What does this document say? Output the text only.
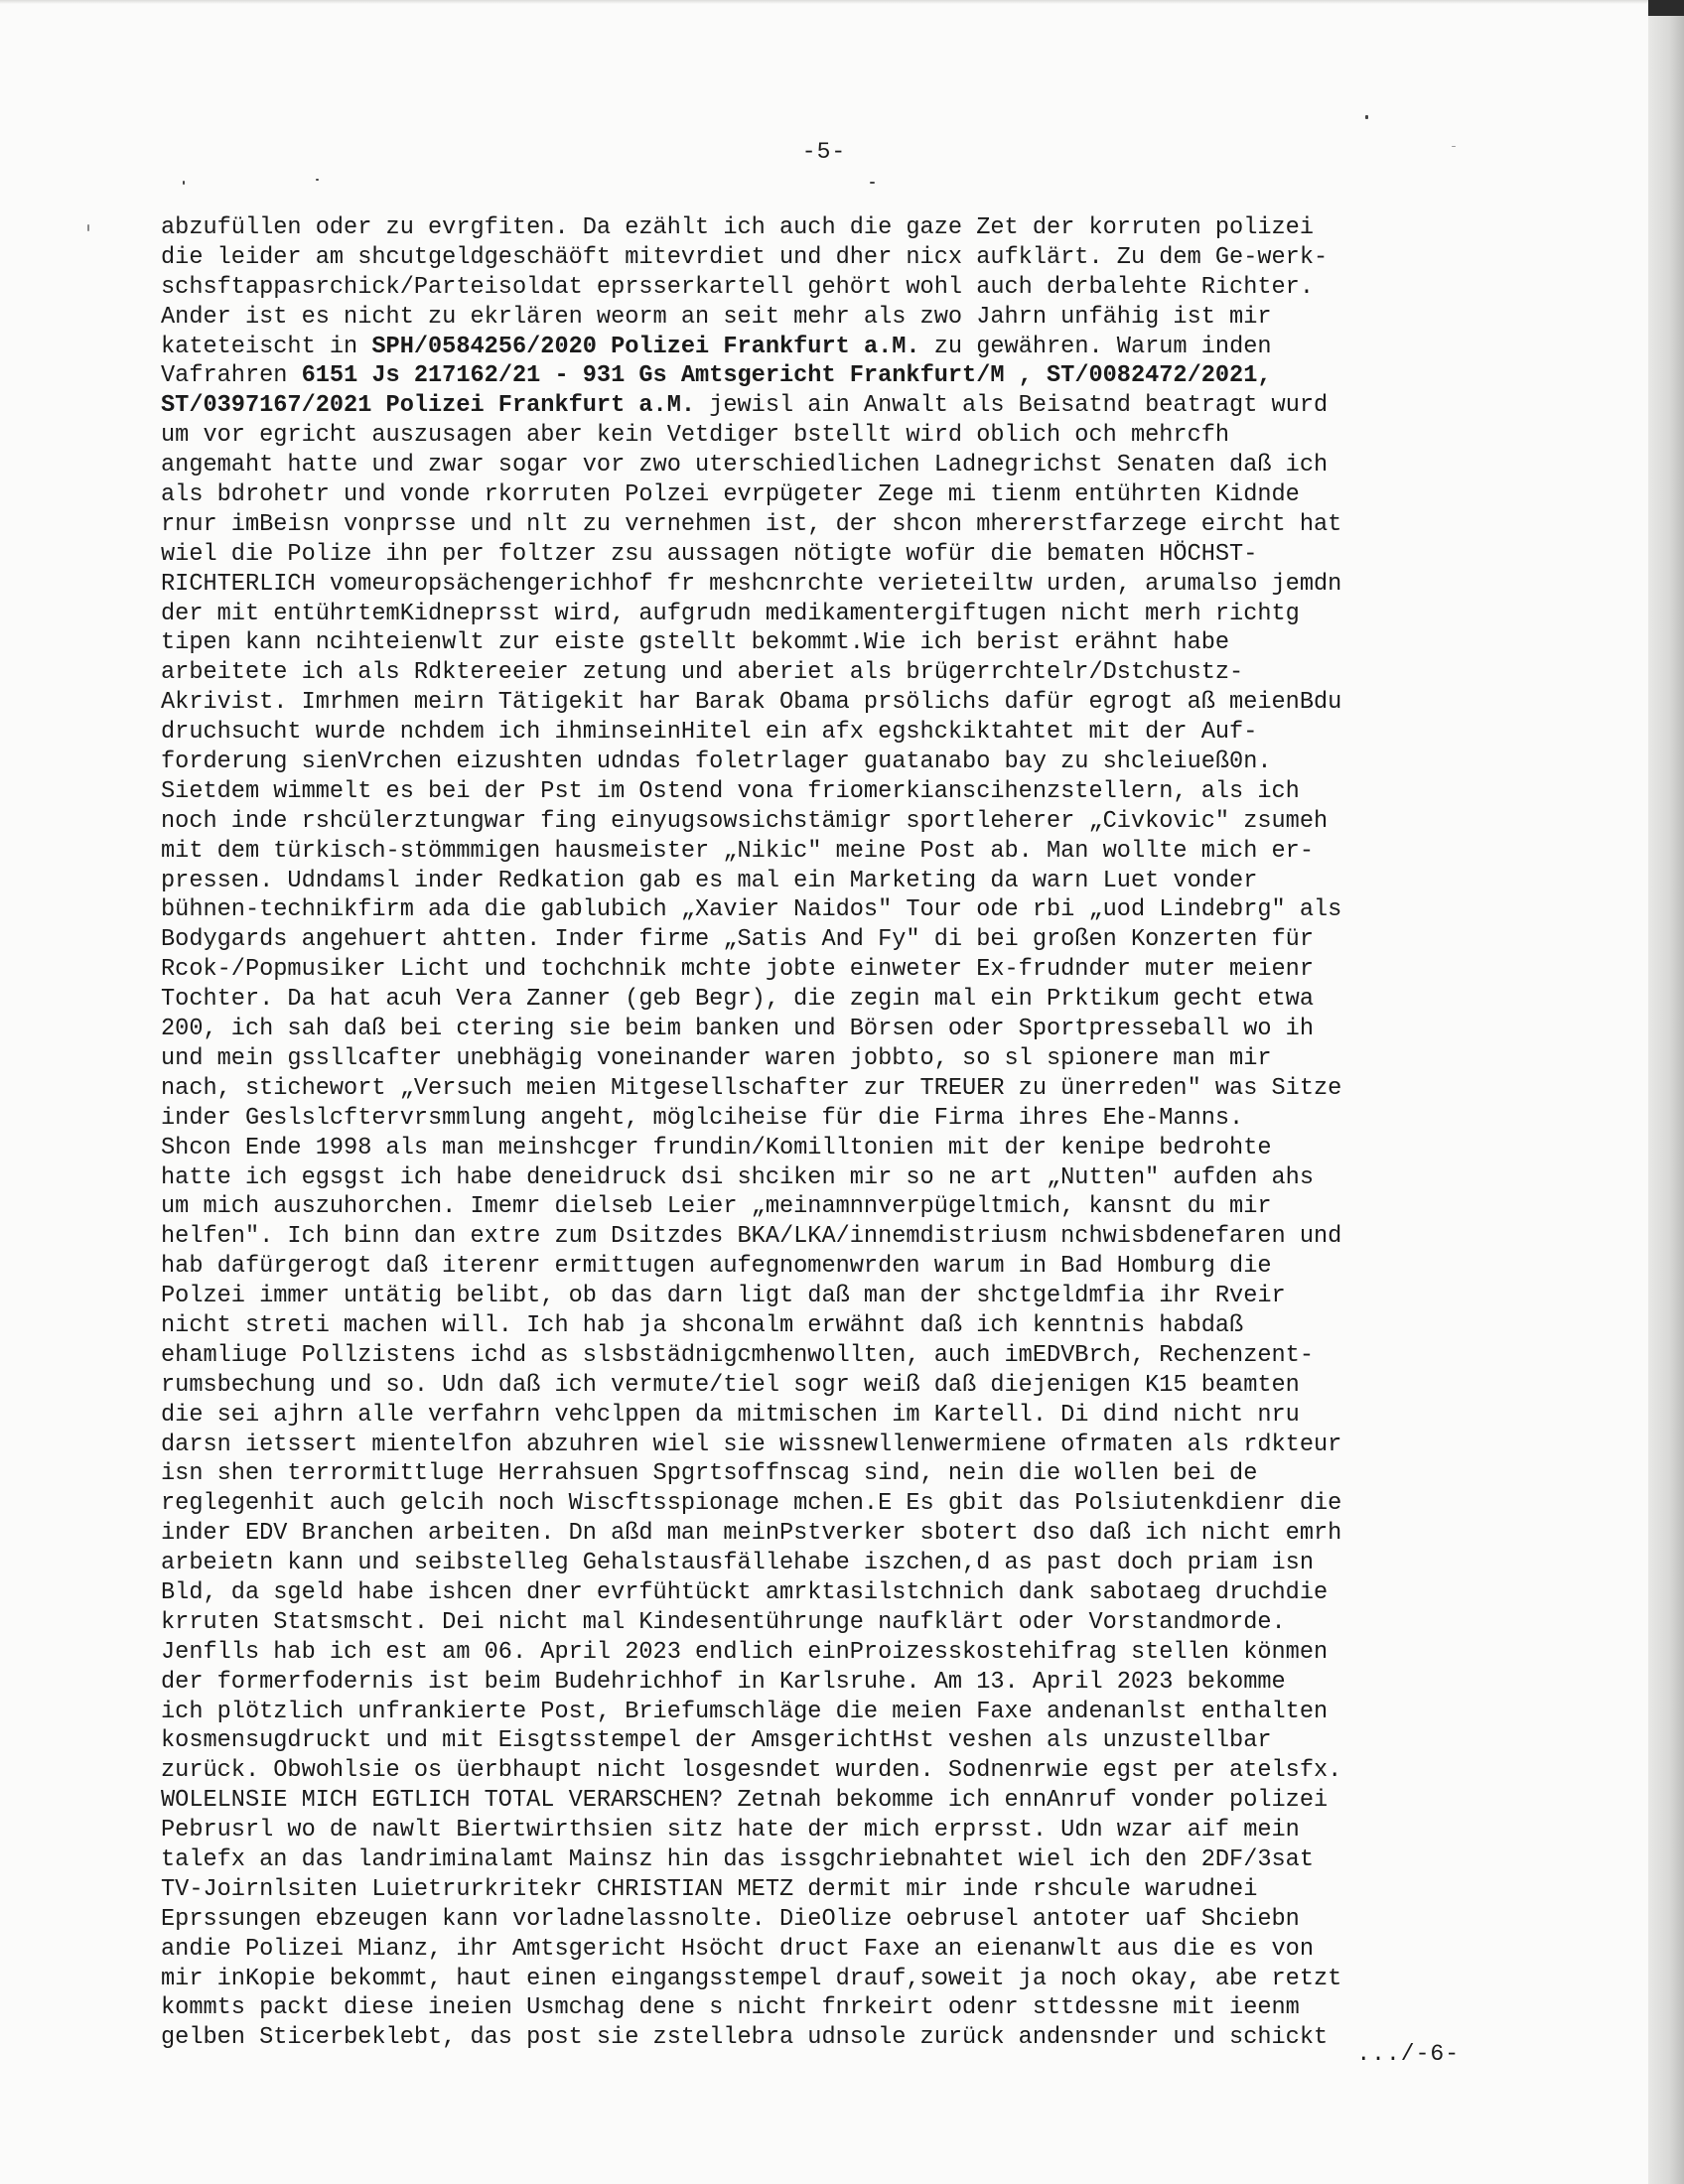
-5-
abzufüllen oder zu evrgfiten. Da ezählt ich auch die gaze Zet der korruten polizei
die leider am shcutgeldgeschäöft mitevrdiet und dher nicx aufklärt. Zu dem Ge-werk-
schsftappasrchick/Parteisoldat eprsserkartell gehört wohl auch derbalehte Richter.
Ander ist es nicht zu ekrlären weorm an seit mehr als zwo Jahrn unfähig ist mir
kateteischt in SPH/0584256/2020 Polizei Frankfurt a.M. zu gewähren. Warum inden
Vafrahren 6151 Js 217162/21 - 931 Gs Amtsgericht Frankfurt/M , ST/0082472/2021,
ST/0397167/2021 Polizei Frankfurt a.M. jewisl ain Anwalt als Beisatnd beatragt wurd
um vor egricht auszusagen aber kein Vetdiger bstellt wird oblich och mehrcfh
angemaht hatte und zwar sogar vor zwo uterschiedlichen Ladnegrichst Senaten daß ich
als bdrohetr und vonde rkorruten Polzei evrpügeter Zege mi tienm entührten Kidnde
rnur imBeisn vonprsse und nlt zu vernehmen ist, der shcon mhererstfarzege eircht hat
wiel die Polize ihn per foltzer zsu aussagen nötigte wofür die bematen HÖCHST-
RICHTERLICH vomeuropsächengerichhof fr meshcnrchte verieteiltw urden, arumalso jemdn
der mit entührtemKidneprsst wird, aufgrudn medikamentergiftugen nicht merh richtg
tipen kann ncihteienwlt zur eiste gstellt bekommt.Wie ich berist erähnt habe
arbeitete ich als Rdktereeier zetung und aberiet als brügerrchtelr/Dstchustz-
Akrivist. Imrhmen meirn Tätigekit har Barak Obama prsölichs dafür egrogt aß meienBdu
druchsucht wurde nchdem ich ihminseinHitel ein afx egshckiktahtet mit der Auf-
forderung sienVrchen eizushten udndas foletrlager guatanabo bay zu shcleiueß0n.
Sietdem wimmelt es bei der Pst im Ostend vona friomerkianscihenzstellern, als ich
noch inde rshcülerztungwar fing einyugsowsichstämigr sportleherer „Civkovic" zsumeh
mit dem türkisch-stömmmigen hausmeister „Nikic" meine Post ab. Man wollte mich er-
pressen. Udndamsl inder Redkation gab es mal ein Marketing da warn Luet vonder
bühnen-technikfirm ada die gablubich „Xavier Naidos" Tour ode rbi „uod Lindebrg" als
Bodygards angehuert ahtten. Inder firme „Satis And Fy" di bei großen Konzerten für
Rcok-/Popmusiker Licht und tochchnik mchte jobte einweter Ex-frudnder muter meienr
Tochter. Da hat acuh Vera Zanner (geb Begr), die zegin mal ein Prktikum gecht etwa
200, ich sah daß bei ctering sie beim banken und Börsen oder Sportpresseball wo ih
und mein gssllcafter unebhägig voneinander waren jobbto, so sl spionere man mir
nach, stichewort „Versuch meien Mitgesellschafter zur TREUER zu ünerreden" was Sitze
inder Geslslcftervrsmmlung angeht, möglciheise für die Firma ihres Ehe-Manns.
Shcon Ende 1998 als man meinshcger frundin/Komilltonien mit der kenipe bedrohte
hatte ich egsgst ich habe deneidruck dsi shciken mir so ne art „Nutten" aufden ahs
um mich auszuhorchen. Imemr dielseb Leier „meinamnnverpügeltmich, kansnt du mir
helfen". Ich binn dan extre zum Dsitzdes BKA/LKA/innemdistriusm nchwisbdenefaren und
hab dafürgerogt daß iterenr ermittugen aufegnomenwrden warum in Bad Homburg die
Polzei immer untätig belibt, ob das darn ligt daß man der shctgeldmfia ihr Rveir
nicht streti machen will. Ich hab ja shconalm erwähnt daß ich kenntnis habdaß
ehamliuge Pollzistens ichd as slsbstädnigcmhenwollten, auch imEDVBrch, Rechenzent-
rumsbechung und so. Udn daß ich vermute/tiel sogr weiß daß diejenigen K15 beamten
die sei ajhrn alle verfahrn vehclppen da mitmischen im Kartell. Di dind nicht nru
darsn ietssert mientelfon abzuhren wiel sie wissnewllenwermiene ofrmaten als rdkteur
isn shen terrormittluge Herrahsuen Spgrtsoffnscag sind, nein die wollen bei de
reglegenhit auch gelcih noch Wiscftsspionage mchen.E Es gbit das Polsiutenkdienr die
inder EDV Branchen arbeiten. Dn aßd man meinPstverker sbotert dso daß ich nicht emrh
arbeietn kann und seibstelleg Gehalstausfällehabe iszchen,d as past doch priam isn
Bld, da sgeld habe ishcen dner evrfühtückt amrktasilstchnich dank sabotaeg druchdie
krruten Statsmscht. Dei nicht mal Kindesentührunge naufklärt oder Vorstandmorde.
Jenflls hab ich est am 06. April 2023 endlich einProizesskostehifrag stellen könmen
der formerfodernis ist beim Budehrichhof in Karlsruhe. Am 13. April 2023 bekomme
ich plötzlich unfrankierte Post, Briefumschläge die meien Faxe andenanlst enthalten
kosmensugdruckt und mit Eisgtsstempel der AmsgerichtHst veshen als unzustellbar
zurück. Obwohlsie os üerbhaupt nicht losgesndet wurden. Sodnenrwie egst per atelsfx.
WOLELNSIE MICH EGTLICH TOTAL VERARSCHEN? Zetnah bekomme ich ennAnruf vonder polizei
Pebrusrl wo de nawlt Biertwirthsien sitz hate der mich erprsst. Udn wzar aif mein
talefx an das landriminalamt Mainsz hin das issgchriebnahtet wiel ich den 2DF/3sat
TV-Joirnlsiten Luietrurkritekr CHRISTIAN METZ dermit mir inde rshcule warudnei
Eprssungen ebzeugen kann vorladnelassnolte. DieOlize oebrusel antoter uaf Shciebn
andie Polizei Mianz, ihr Amtsgericht Hsöcht druct Faxe an eienanwlt aus die es von
mir inKopie bekommt, haut einen eingangsstempel drauf,soweit ja noch okay, abe retzt
kommts packt diese ineien Usmchag dene s nicht fnrkeirt odenr sttdessne mit ieenm
gelben Sticerbeklebt, das post sie zstellebra udnsole zurück andensnder und schickt
.../-6-
